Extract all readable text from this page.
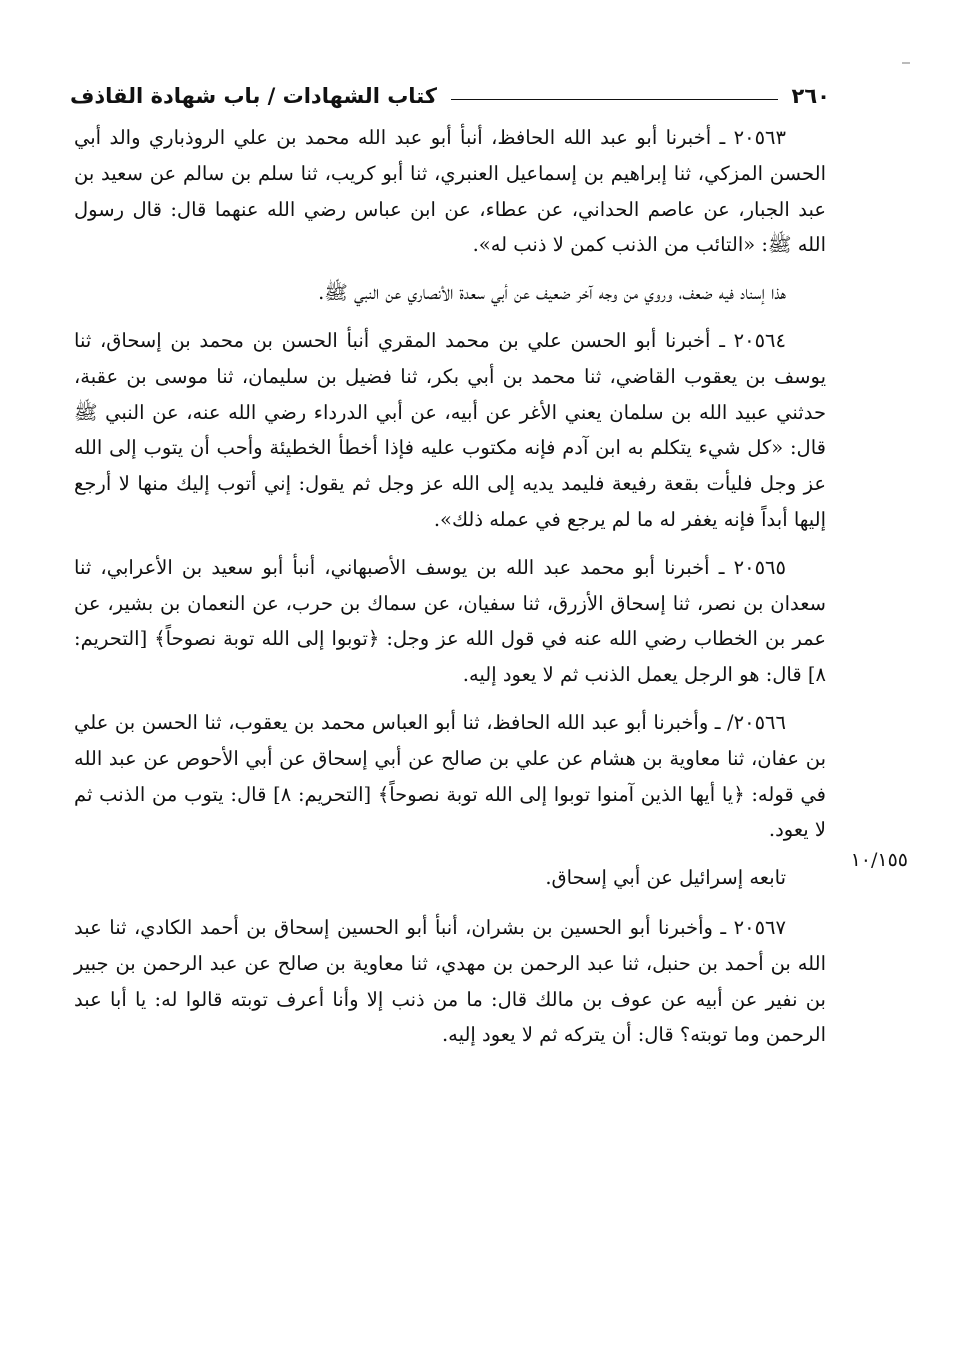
٢٦٠
كتاب الشهادات / باب شهادة القاذف
١٠/١٥٥

٢٠٥٦٣ ـ أخبرنا أبو عبد الله الحافظ، أنبأ أبو عبد الله محمد بن علي الروذباري والد أبي الحسن المزكي، ثنا إبراهيم بن إسماعيل العنبري، ثنا أبو كريب، ثنا سلم بن سالم عن سعيد بن عبد الجبار، عن عاصم الحداني، عن عطاء، عن ابن عباس رضي الله عنهما قال: قال رسول الله ﷺ: «التائب من الذنب كمن لا ذنب له».

هذا إسناد فيه ضعف، وروي من وجه آخر ضعيف عن أبي سعدة الأنصاري عن النبي ﷺ.

٢٠٥٦٤ ـ أخبرنا أبو الحسن علي بن محمد المقري أنبأ الحسن بن محمد بن إسحاق، ثنا يوسف بن يعقوب القاضي، ثنا محمد بن أبي بكر، ثنا فضيل بن سليمان، ثنا موسى بن عقبة، حدثني عبيد الله بن سلمان يعني الأغر عن أبيه، عن أبي الدرداء رضي الله عنه، عن النبي ﷺ قال: «كل شيء يتكلم به ابن آدم فإنه مكتوب عليه فإذا أخطأ الخطيئة وأحب أن يتوب إلى الله عز وجل فليأت بقعة رفيعة فليمد يديه إلى الله عز وجل ثم يقول: إني أتوب إليك منها لا أرجع إليها أبداً فإنه يغفر له ما لم يرجع في عمله ذلك».

٢٠٥٦٥ ـ أخبرنا أبو محمد عبد الله بن يوسف الأصبهاني، أنبأ أبو سعيد بن الأعرابي، ثنا سعدان بن نصر، ثنا إسحاق الأزرق، ثنا سفيان، عن سماك بن حرب، عن النعمان بن بشير، عن عمر بن الخطاب رضي الله عنه في قول الله عز وجل: ﴿توبوا إلى الله توبة نصوحاً﴾ [التحريم: ٨] قال: هو الرجل يعمل الذنب ثم لا يعود إليه.

٢٠٥٦٦/ ـ وأخبرنا أبو عبد الله الحافظ، ثنا أبو العباس محمد بن يعقوب، ثنا الحسن بن علي بن عفان، ثنا معاوية بن هشام عن علي بن صالح عن أبي إسحاق عن أبي الأحوص عن عبد الله في قوله: ﴿يا أيها الذين آمنوا توبوا إلى الله توبة نصوحاً﴾ [التحريم: ٨] قال: يتوب من الذنب ثم لا يعود.

تابعه إسرائيل عن أبي إسحاق.

٢٠٥٦٧ ـ وأخبرنا أبو الحسين بن بشران، أنبأ أبو الحسين إسحاق بن أحمد الكادي، ثنا عبد الله بن أحمد بن حنبل، ثنا عبد الرحمن بن مهدي، ثنا معاوية بن صالح عن عبد الرحمن بن جبير بن نفير عن أبيه عن عوف بن مالك قال: ما من ذنب إلا وأنا أعرف توبته قالوا له: يا أبا عبد الرحمن وما توبته؟ قال: أن يتركه ثم لا يعود إليه.
